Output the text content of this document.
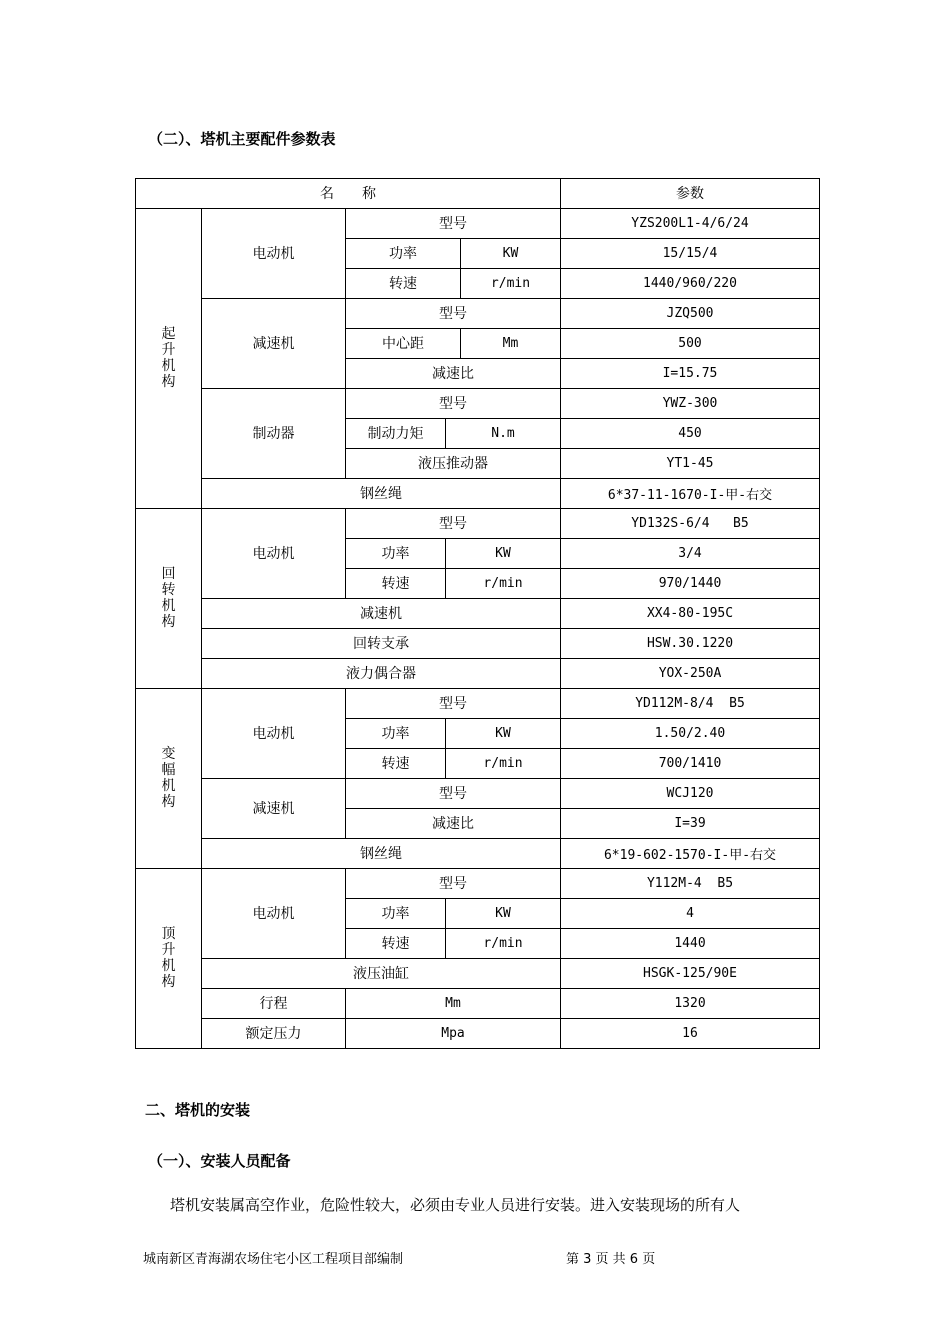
（二）、塔机主要配件参数表

名　　称					参数
起升机构	电动机	型号			YZS200L1-4/6/24
		功率		KW	15/15/4
		转速		r/min	1440/960/220
	减速机	型号			JZQ500
		中心距		Mm	500
		减速比			I=15.75
	制动器	型号			YWZ-300
		制动力矩	N.m		450
		液压推动器			YT1-45
	钢丝绳				6*37-11-1670-I-甲-右交
回转机构	电动机	型号			YD132S-6/4   B5
		功率	KW		3/4
		转速	r/min		970/1440
	减速机				XX4-80-195C
	回转支承				HSW.30.1220
	液力偶合器				YOX-250A
变幅机构	电动机	型号			YD112M-8/4  B5
		功率	KW		1.50/2.40
		转速	r/min		700/1410
	减速机	型号			WCJ120
		减速比			I=39
	钢丝绳				6*19-602-1570-I-甲-右交
顶升机构	电动机	型号			Y112M-4  B5
		功率	KW		4
		转速	r/min		1440
	液压油缸				HSGK-125/90E
	行程	Mm			1320
	额定压力	Mpa			16
二、塔机的安装
（一）、安装人员配备
　　塔机安装属高空作业，危险性较大，必须由专业人员进行安装。进入安装现场的所有人
城南新区青海湖农场住宅小区工程项目部编制	第 3 页 共 6 页
